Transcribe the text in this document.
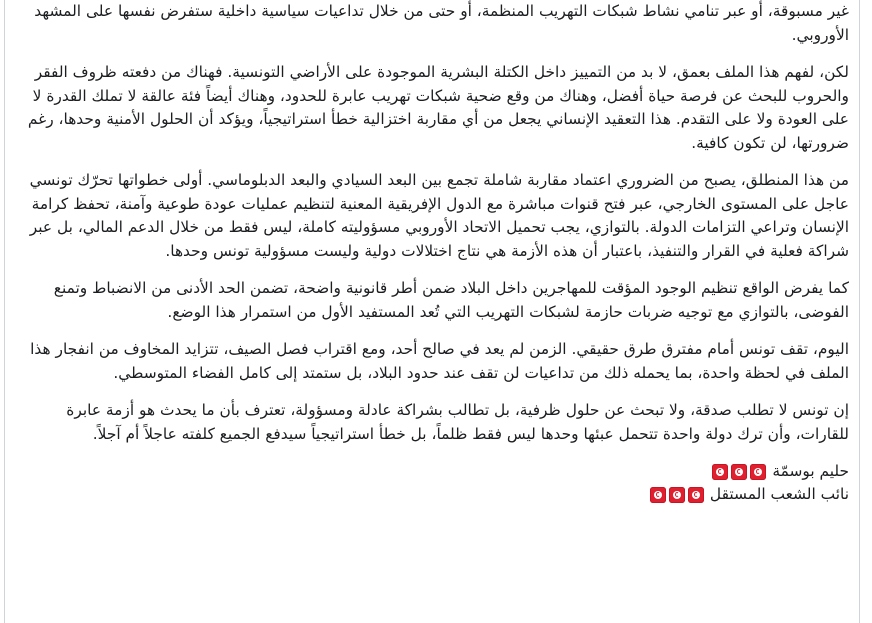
غير مسبوقة، أو عبر تنامي نشاط شبكات التهريب المنظمة، أو حتى من خلال تداعيات سياسية داخلية ستفرض نفسها على المشهد الأوروبي.

لكن، لفهم هذا الملف بعمق، لا بد من التمييز داخل الكتلة البشرية الموجودة على الأراضي التونسية. فهناك من دفعته ظروف الفقر والحروب للبحث عن فرصة حياة أفضل، وهناك من وقع ضحية شبكات تهريب عابرة للحدود، وهناك أيضاً فئة عالقة لا تملك القدرة لا على العودة ولا على التقدم. هذا التعقيد الإنساني يجعل من أي مقاربة اختزالية خطأ استراتيجياً، ويؤكد أن الحلول الأمنية وحدها، رغم ضرورتها، لن تكون كافية.

من هذا المنطلق، يصبح من الضروري اعتماد مقاربة شاملة تجمع بين البعد السيادي والبعد الدبلوماسي. أولى خطواتها تحرّك تونسي عاجل على المستوى الخارجي، عبر فتح قنوات مباشرة مع الدول الإفريقية المعنية لتنظيم عمليات عودة طوعية وآمنة، تحفظ كرامة الإنسان وتراعي التزامات الدولة. بالتوازي، يجب تحميل الاتحاد الأوروبي مسؤوليته كاملة، ليس فقط من خلال الدعم المالي، بل عبر شراكة فعلية في القرار والتنفيذ، باعتبار أن هذه الأزمة هي نتاج اختلالات دولية وليست مسؤولية تونس وحدها.

كما يفرض الواقع تنظيم الوجود المؤقت للمهاجرين داخل البلاد ضمن أطر قانونية واضحة، تضمن الحد الأدنى من الانضباط وتمنع الفوضى، بالتوازي مع توجيه ضربات حازمة لشبكات التهريب التي تُعد المستفيد الأول من استمرار هذا الوضع.

اليوم، تقف تونس أمام مفترق طرق حقيقي. الزمن لم يعد في صالح أحد، ومع اقتراب فصل الصيف، تتزايد المخاوف من انفجار هذا الملف في لحظة واحدة، بما يحمله ذلك من تداعيات لن تقف عند حدود البلاد، بل ستمتد إلى كامل الفضاء المتوسطي.

إن تونس لا تطلب صدقة، ولا تبحث عن حلول ظرفية، بل تطالب بشراكة عادلة ومسؤولة، تعترف بأن ما يحدث هو أزمة عابرة للقارات، وأن ترك دولة واحدة تتحمل عبئها وحدها ليس فقط ظلماً، بل خطأ استراتيجياً سيدفع الجميع كلفته عاجلاً أم آجلاً.

حليم بوسمّة
نائب الشعب المستقل
